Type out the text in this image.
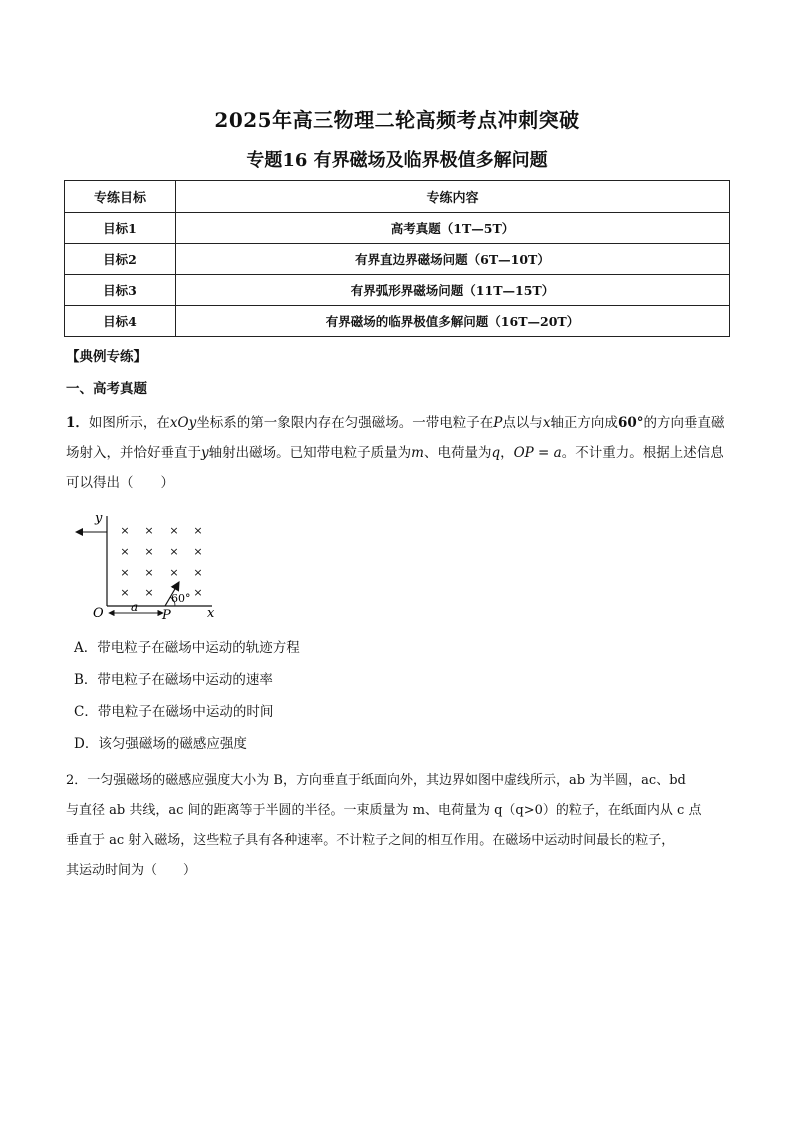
2025年高三物理二轮高频考点冲刺突破
专题16 有界磁场及临界极值多解问题
专练目标	专练内容
目标1	高考真题（1T—5T）
目标2	有界直边界磁场问题（6T—10T）
目标3	有界弧形界磁场问题（11T—15T）
目标4	有界磁场的临界极值多解问题（16T—20T）

【典例专练】

一、高考真题

1．如图所示，在xOy坐标系的第一象限内存在匀强磁场。一带电粒子在P点以与x轴正方向成60°的方向垂直磁场射入，并恰好垂直于y轴射出磁场。已知带电粒子质量为m、电荷量为q，OP = a。不计重力。根据上述信息可以得出（　　）

× × × ×
× × × ×
× × × ×
× ×	×
y
x
O	P
a
60°

A．带电粒子在磁场中运动的轨迹方程

B．带电粒子在磁场中运动的速率

C．带电粒子在磁场中运动的时间

D．该匀强磁场的磁感应强度

2．一匀强磁场的磁感应强度大小为 B，方向垂直于纸面向外，其边界如图中虚线所示，ab 为半圆，ac、bd
与直径 ab 共线，ac 间的距离等于半圆的半径。一束质量为 m、电荷量为 q（q>0）的粒子，在纸面内从 c 点
垂直于 ac 射入磁场，这些粒子具有各种速率。不计粒子之间的相互作用。在磁场中运动时间最长的粒子，
其运动时间为（　　）
